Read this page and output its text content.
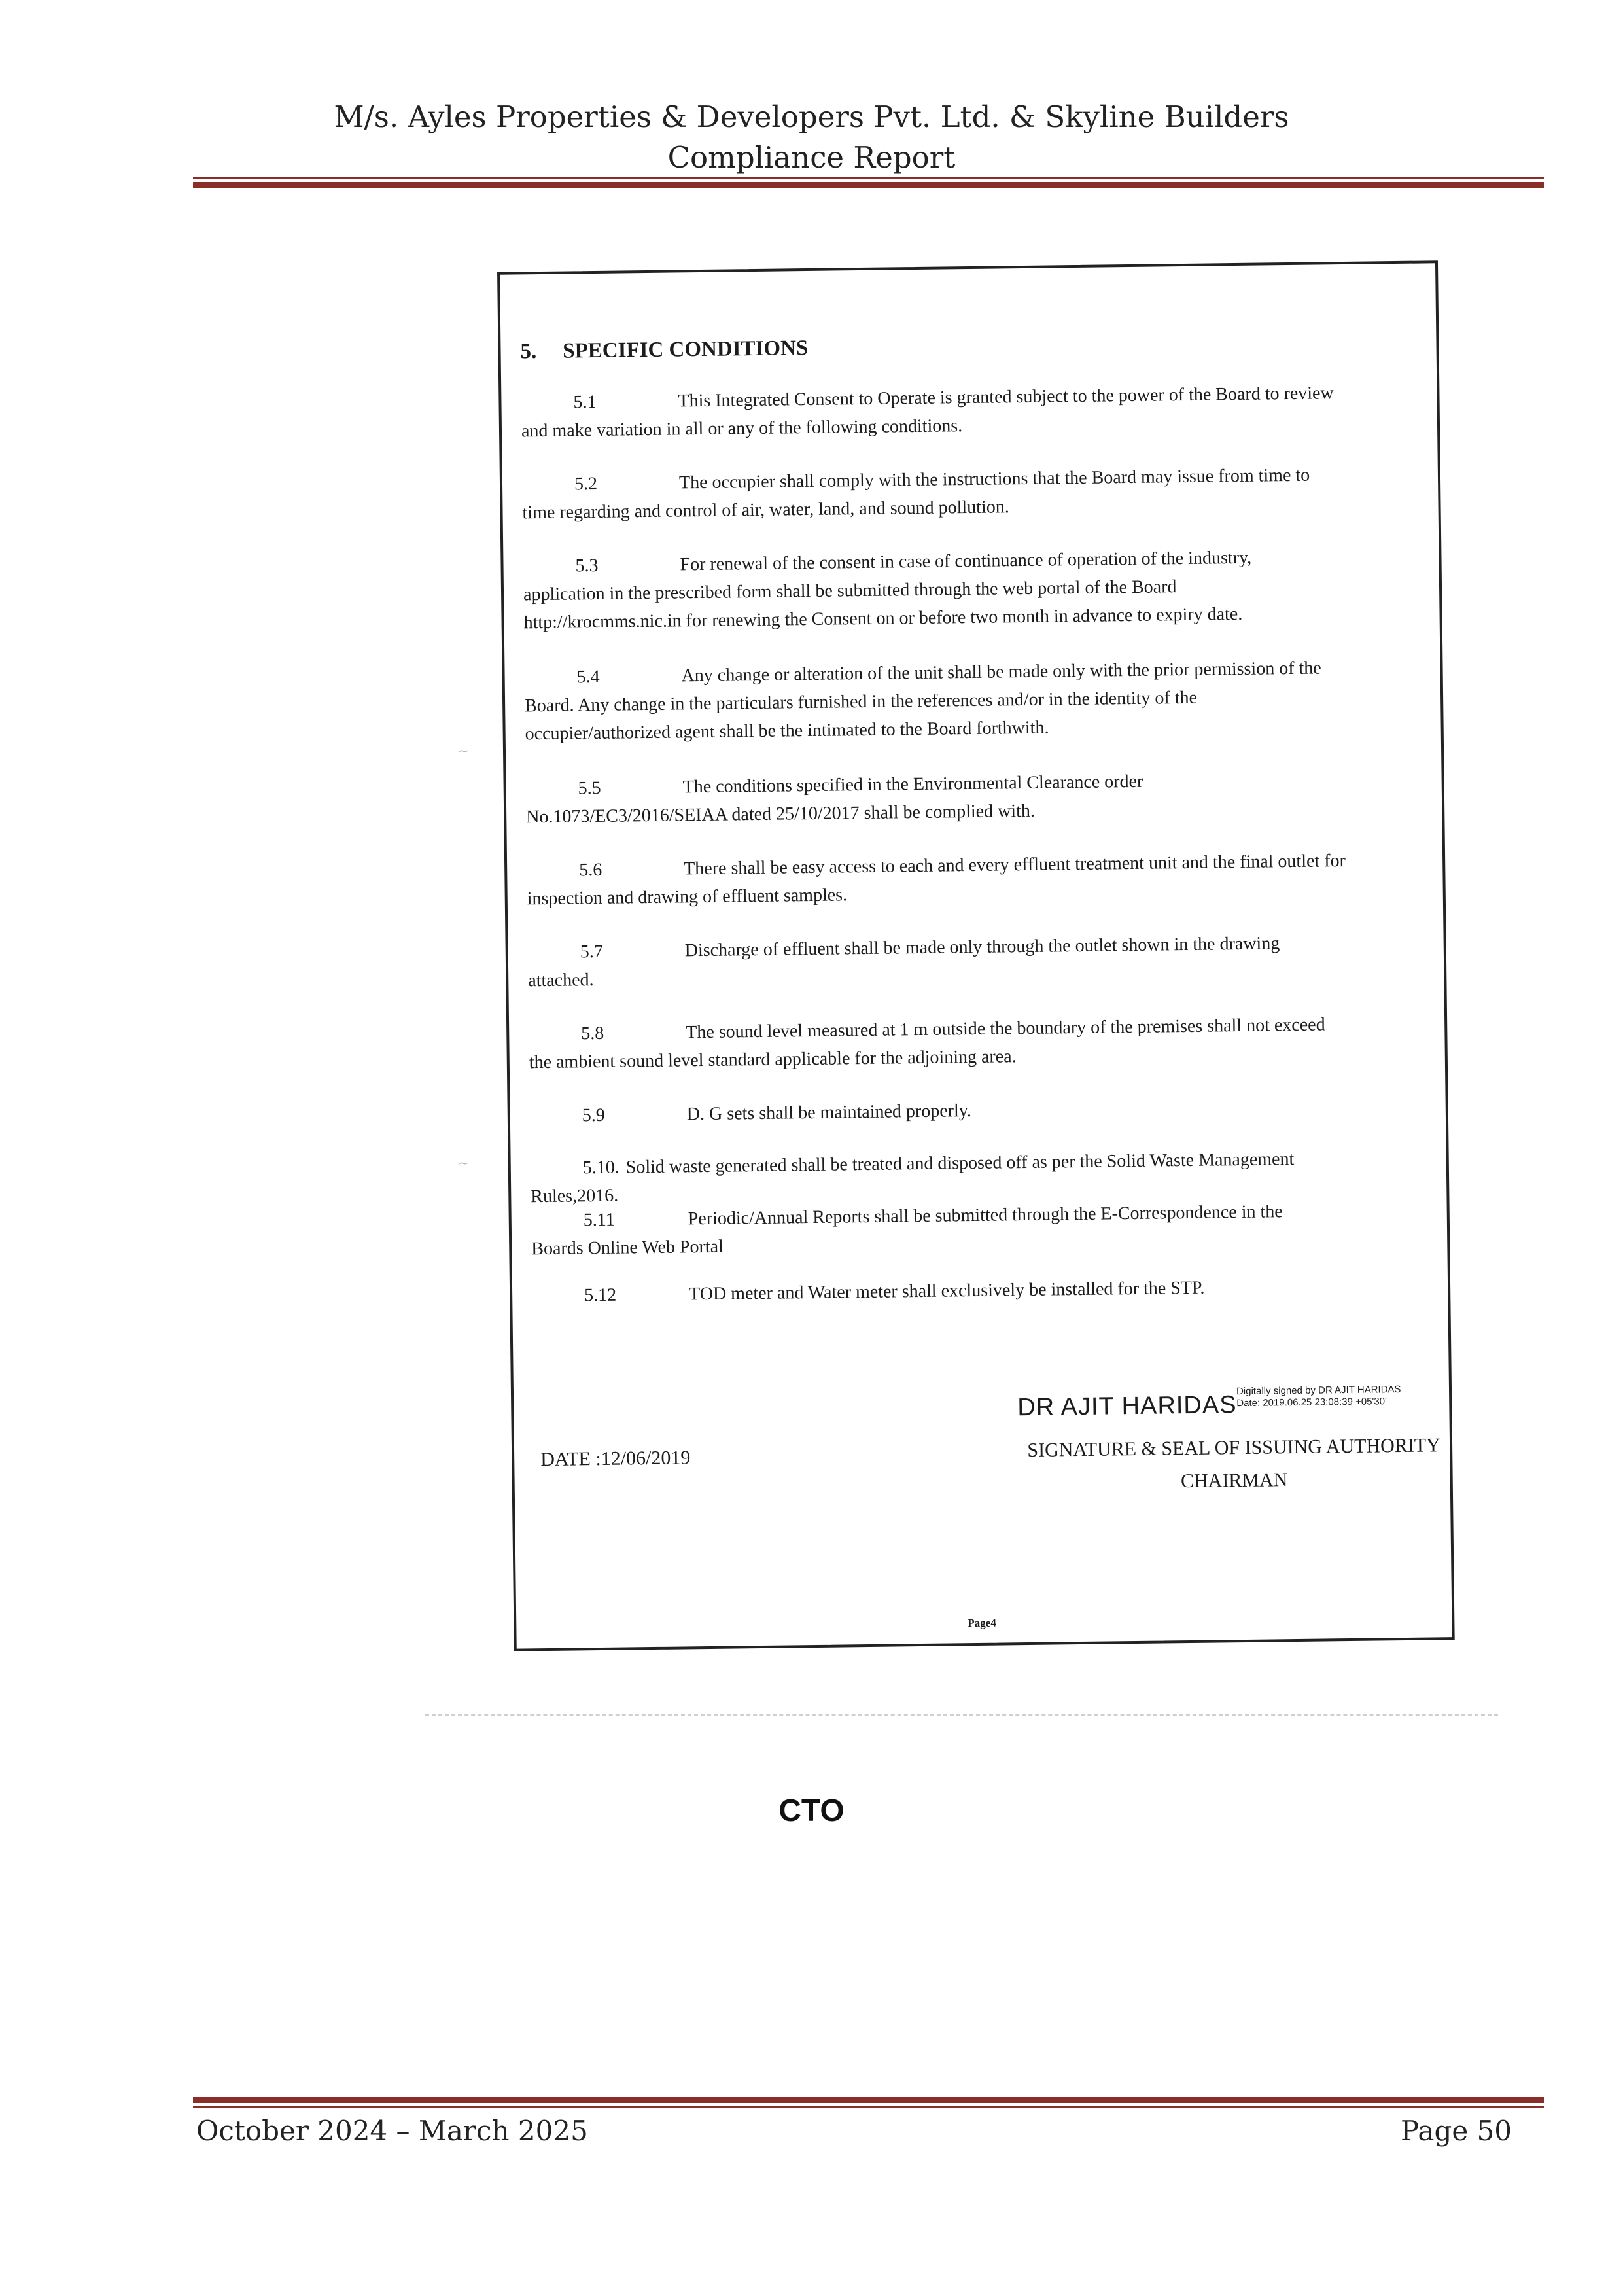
M/s. Ayles Properties & Developers Pvt. Ltd. & Skyline Builders
Compliance Report
5. SPECIFIC CONDITIONS
5.1	This Integrated Consent to Operate is granted subject to the power of the Board to review
and make variation in all or any of the following conditions.
5.2	The occupier shall comply with the instructions that the Board may issue from time to
time regarding and control of air, water, land, and sound pollution.
5.3	For renewal of the consent in case of continuance of operation of the industry,
application in the prescribed form shall be submitted through the web portal of the Board
http://krocmms.nic.in for renewing the Consent on or before two month in advance to expiry date.
5.4	Any change or alteration of the unit shall be made only with the prior permission of the
Board. Any change in the particulars furnished in the references and/or in the identity of the
occupier/authorized agent shall be the intimated to the Board forthwith.
5.5	The conditions specified in the Environmental Clearance order
No.1073/EC3/2016/SEIAA dated 25/10/2017 shall be complied with.
5.6	There shall be easy access to each and every effluent treatment unit and the final outlet for
inspection and drawing of effluent samples.
5.7	Discharge of effluent shall be made only through the outlet shown in the drawing
attached.
5.8	The sound level measured at 1 m outside the boundary of the premises shall not exceed
the ambient sound level standard applicable for the adjoining area.
5.9	D. G sets shall be maintained properly.
5.10. Solid waste generated shall be treated and disposed off as per the Solid Waste Management
Rules,2016.
5.11	Periodic/Annual Reports shall be submitted through the E-Correspondence in the
Boards Online Web Portal
5.12	TOD meter and Water meter shall exclusively be installed for the STP.
DR AJIT HARIDAS
Digitally signed by DR AJIT HARIDAS
Date: 2019.06.25 23:08:39 +05'30'
SIGNATURE & SEAL OF ISSUING AUTHORITY
CHAIRMAN
DATE :12/06/2019
Page4
~
~
CTO
October 2024 – March 2025	Page 50
